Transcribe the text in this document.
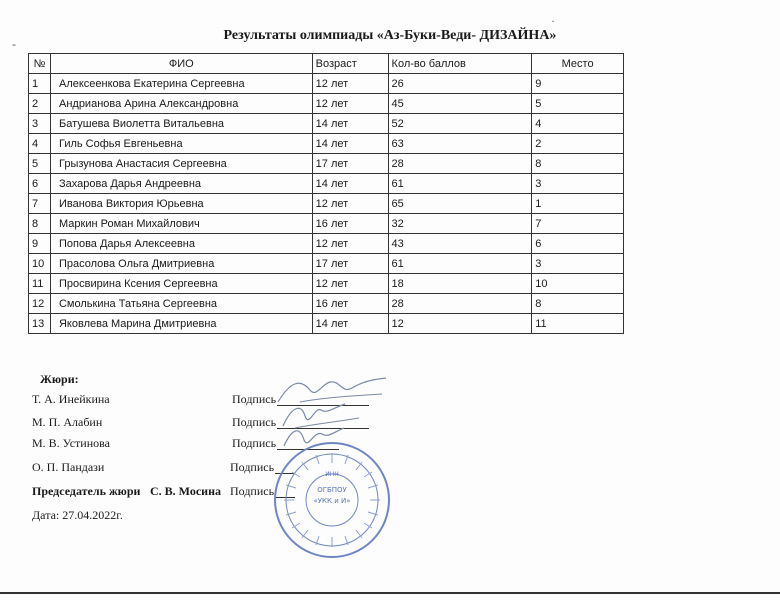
Результаты олимпиады «Аз-Буки-Веди- ДИЗАЙНА»
·
-
№	ФИО	Возраст	Кол-во баллов	Место
1	Алексеенкова Екатерина Сергеевна	12 лет	26	9
2	Андрианова Арина Александровна	12 лет	45	5
3	Батушева Виолетта Витальевна	14 лет	52	4
4	Гиль Софья Евгеньевна	14 лет	63	2
5	Грызунова Анастасия Сергеевна	17 лет	28	8
6	Захарова Дарья Андреевна	14 лет	61	3
7	Иванова Виктория Юрьевна	12 лет	65	1
8	Маркин Роман Михайлович	16 лет	32	7
9	Попова Дарья Алексеевна	12 лет	43	6
10	Прасолова Ольга Дмитриевна	17 лет	61	3
11	Просвирина Ксения Сергеевна	12 лет	18	10
12	Смолькина Татьяна Сергеевна	16 лет	28	8
13	Яковлева Марина Дмитриевна	14 лет	12	11
Жюри:
Т. А. Инейкина	Подпись
М. П. Алабин	Подпись
М. В. Устинова	Подпись
О. П. Пандази	Подпись
Председатель жюри С. В. Мосина Подпись
Дата: 27.04.2022г.
ОГБПОУ
«УКК и И»
ИНН
